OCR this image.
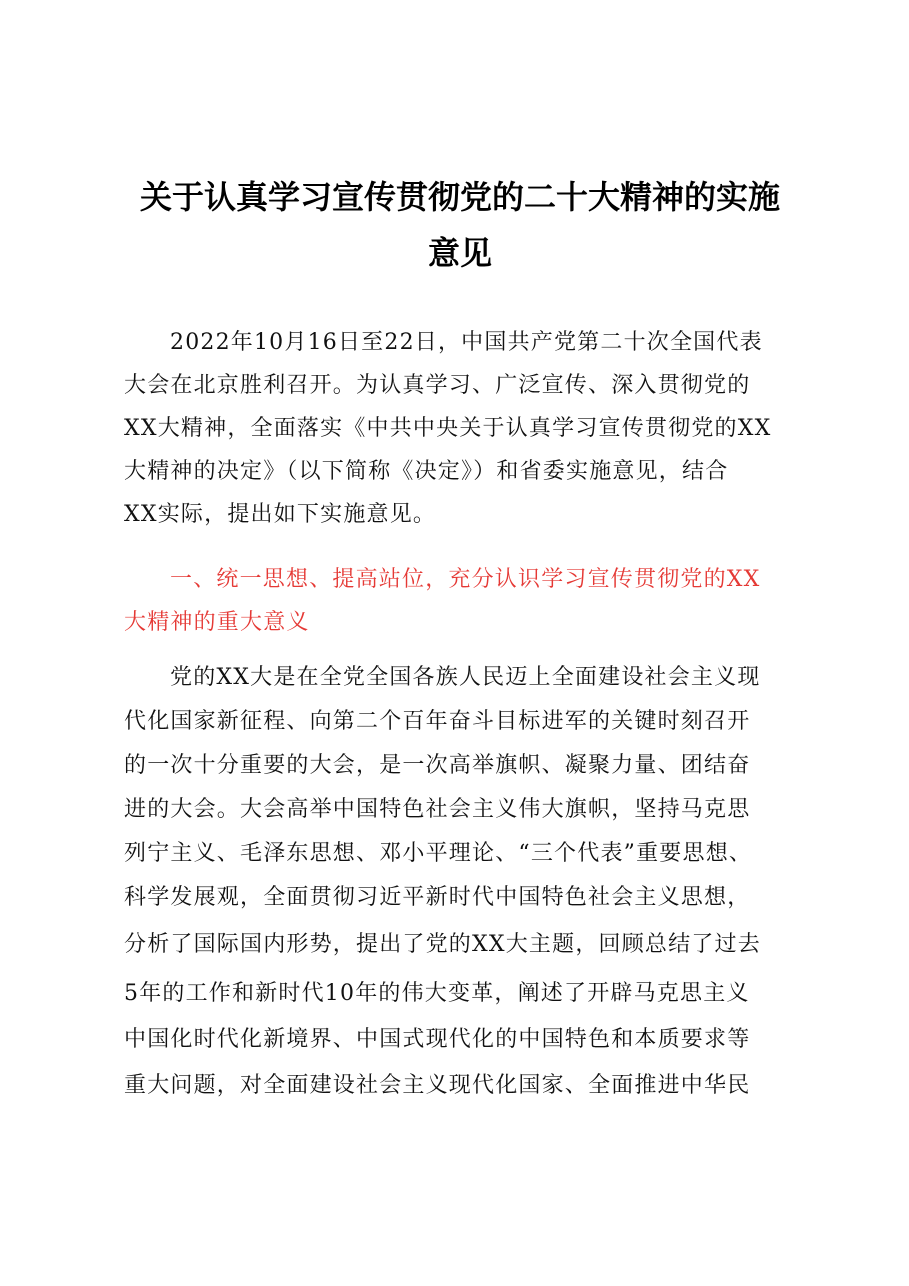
关于认真学习宣传贯彻党的二十大精神的实施
意见
2022年10月16日至22日，中国共产党第二十次全国代表
大会在北京胜利召开。为认真学习、广泛宣传、深入贯彻党的
XX大精神，全面落实《中共中央关于认真学习宣传贯彻党的XX
大精神的决定》（以下简称《决定》）和省委实施意见，结合
XX实际，提出如下实施意见。
一、统一思想、提高站位，充分认识学习宣传贯彻党的XX
大精神的重大意义
党的XX大是在全党全国各族人民迈上全面建设社会主义现
代化国家新征程、向第二个百年奋斗目标进军的关键时刻召开
的一次十分重要的大会，是一次高举旗帜、凝聚力量、团结奋
进的大会。大会高举中国特色社会主义伟大旗帜，坚持马克思
列宁主义、毛泽东思想、邓小平理论、“三个代表”重要思想、
科学发展观，全面贯彻习近平新时代中国特色社会主义思想，
分析了国际国内形势，提出了党的XX大主题，回顾总结了过去
5年的工作和新时代10年的伟大变革，阐述了开辟马克思主义
中国化时代化新境界、中国式现代化的中国特色和本质要求等
重大问题，对全面建设社会主义现代化国家、全面推进中华民
